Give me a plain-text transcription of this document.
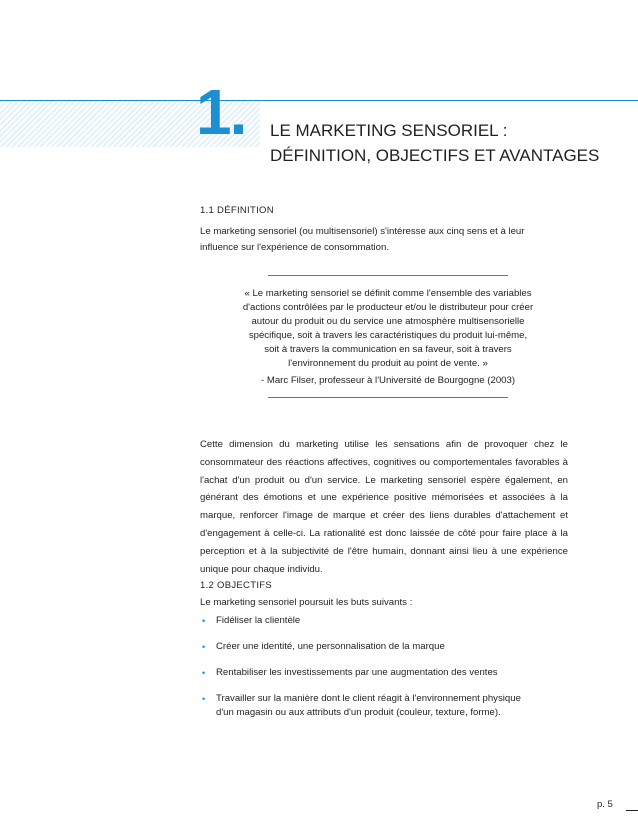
1.	LE MARKETING SENSORIEL :
DÉFINITION, OBJECTIFS ET AVANTAGES
1.1 DÉFINITION
Le marketing sensoriel (ou multisensoriel) s'intéresse aux cinq sens et à leur
influence sur l'expérience de consommation.
« Le marketing sensoriel se définit comme l'ensemble des variables
d'actions contrôlées par le producteur et/ou le distributeur pour créer
autour du produit ou du service une atmosphère multisensorielle
spécifique, soit à travers les caractéristiques du produit lui-même,
soit à travers la communication en sa faveur, soit à travers
l'environnement du produit au point de vente. »
- Marc Filser, professeur à l'Université de Bourgogne (2003)
Cette dimension du marketing utilise les sensations afin de provoquer chez le consommateur des réactions affectives, cognitives ou comportementales favorables à l'achat d'un produit ou d'un service. Le marketing sensoriel espère également, en générant des émotions et une expérience positive mémorisées et associées à la marque, renforcer l'image de marque et créer des liens durables d'attachement et d'engagement à celle-ci. La rationalité est donc laissée de côté pour faire place à la perception et à la subjectivité de l'être humain, donnant ainsi lieu à une expérience unique pour chaque individu.
1.2 OBJECTIFS
Le marketing sensoriel poursuit les buts suivants :
• Fidéliser la clientèle
• Créer une identité, une personnalisation de la marque
• Rentabiliser les investissements par une augmentation des ventes
• Travailler sur la manière dont le client réagit à l'environnement physique
d'un magasin ou aux attributs d'un produit (couleur, texture, forme).
p. 5
